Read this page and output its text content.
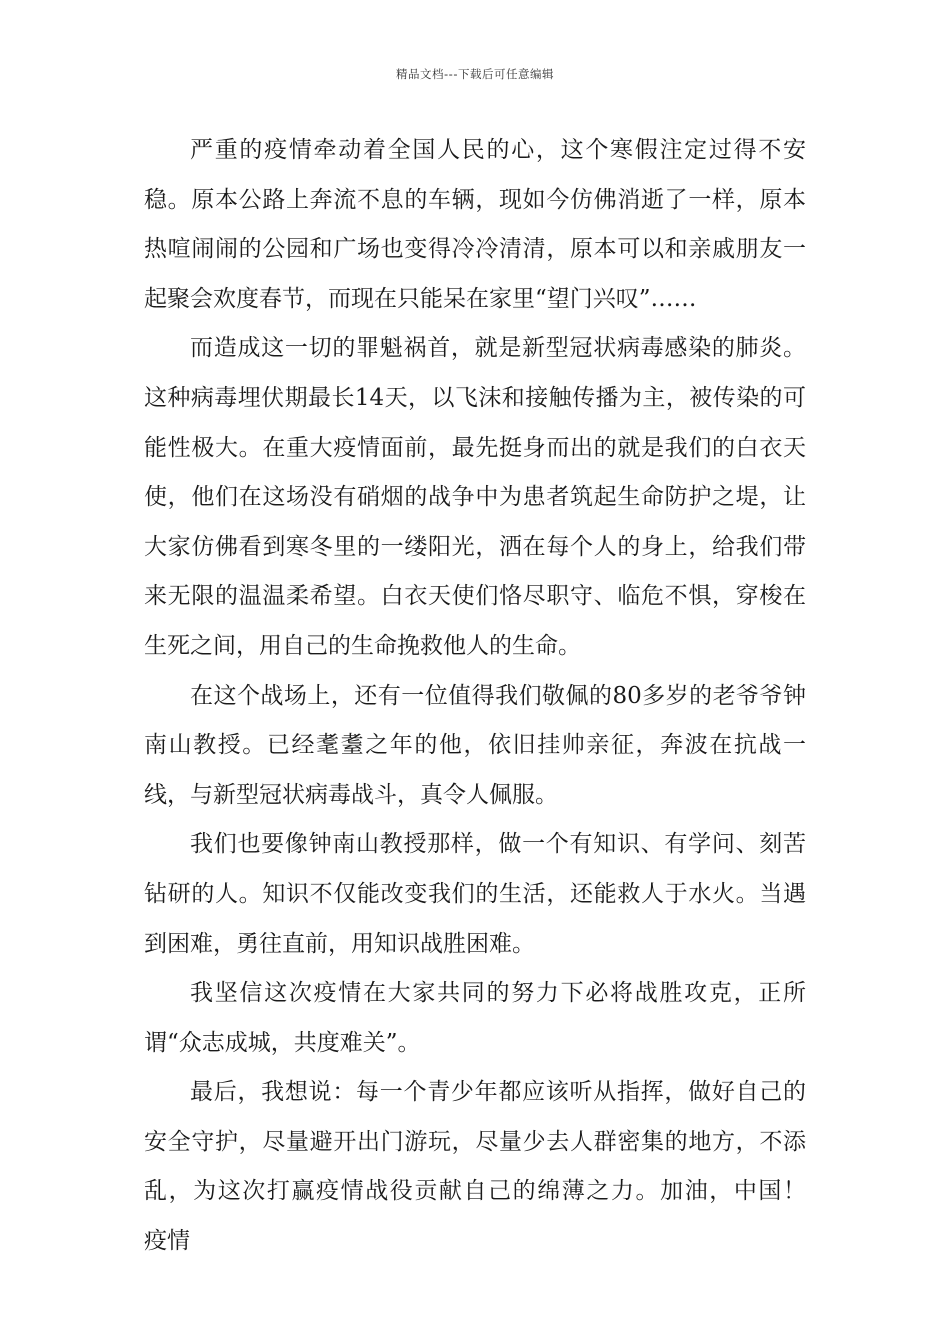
精品文档---下载后可任意编辑

严重的疫情牵动着全国人民的心，这个寒假注定过得不安稳。原本公路上奔流不息的车辆，现如今仿佛消逝了一样，原本热喧闹闹的公园和广场也变得冷冷清清，原本可以和亲戚朋友一起聚会欢度春节，而现在只能呆在家里“望门兴叹”……

而造成这一切的罪魁祸首，就是新型冠状病毒感染的肺炎。这种病毒埋伏期最长14天，以飞沫和接触传播为主，被传染的可能性极大。在重大疫情面前，最先挺身而出的就是我们的白衣天使，他们在这场没有硝烟的战争中为患者筑起生命防护之堤，让大家仿佛看到寒冬里的一缕阳光，洒在每个人的身上，给我们带来无限的温温柔希望。白衣天使们恪尽职守、临危不惧，穿梭在生死之间，用自己的生命挽救他人的生命。

在这个战场上，还有一位值得我们敬佩的80多岁的老爷爷钟南山教授。已经耄耋之年的他，依旧挂帅亲征，奔波在抗战一线，与新型冠状病毒战斗，真令人佩服。

我们也要像钟南山教授那样，做一个有知识、有学问、刻苦钻研的人。知识不仅能改变我们的生活，还能救人于水火。当遇到困难，勇往直前，用知识战胜困难。

我坚信这次疫情在大家共同的努力下必将战胜攻克，正所谓“众志成城，共度难关”。

最后，我想说：每一个青少年都应该听从指挥，做好自己的安全守护，尽量避开出门游玩，尽量少去人群密集的地方，不添乱，为这次打赢疫情战役贡献自己的绵薄之力。加油，中国！　　疫情
